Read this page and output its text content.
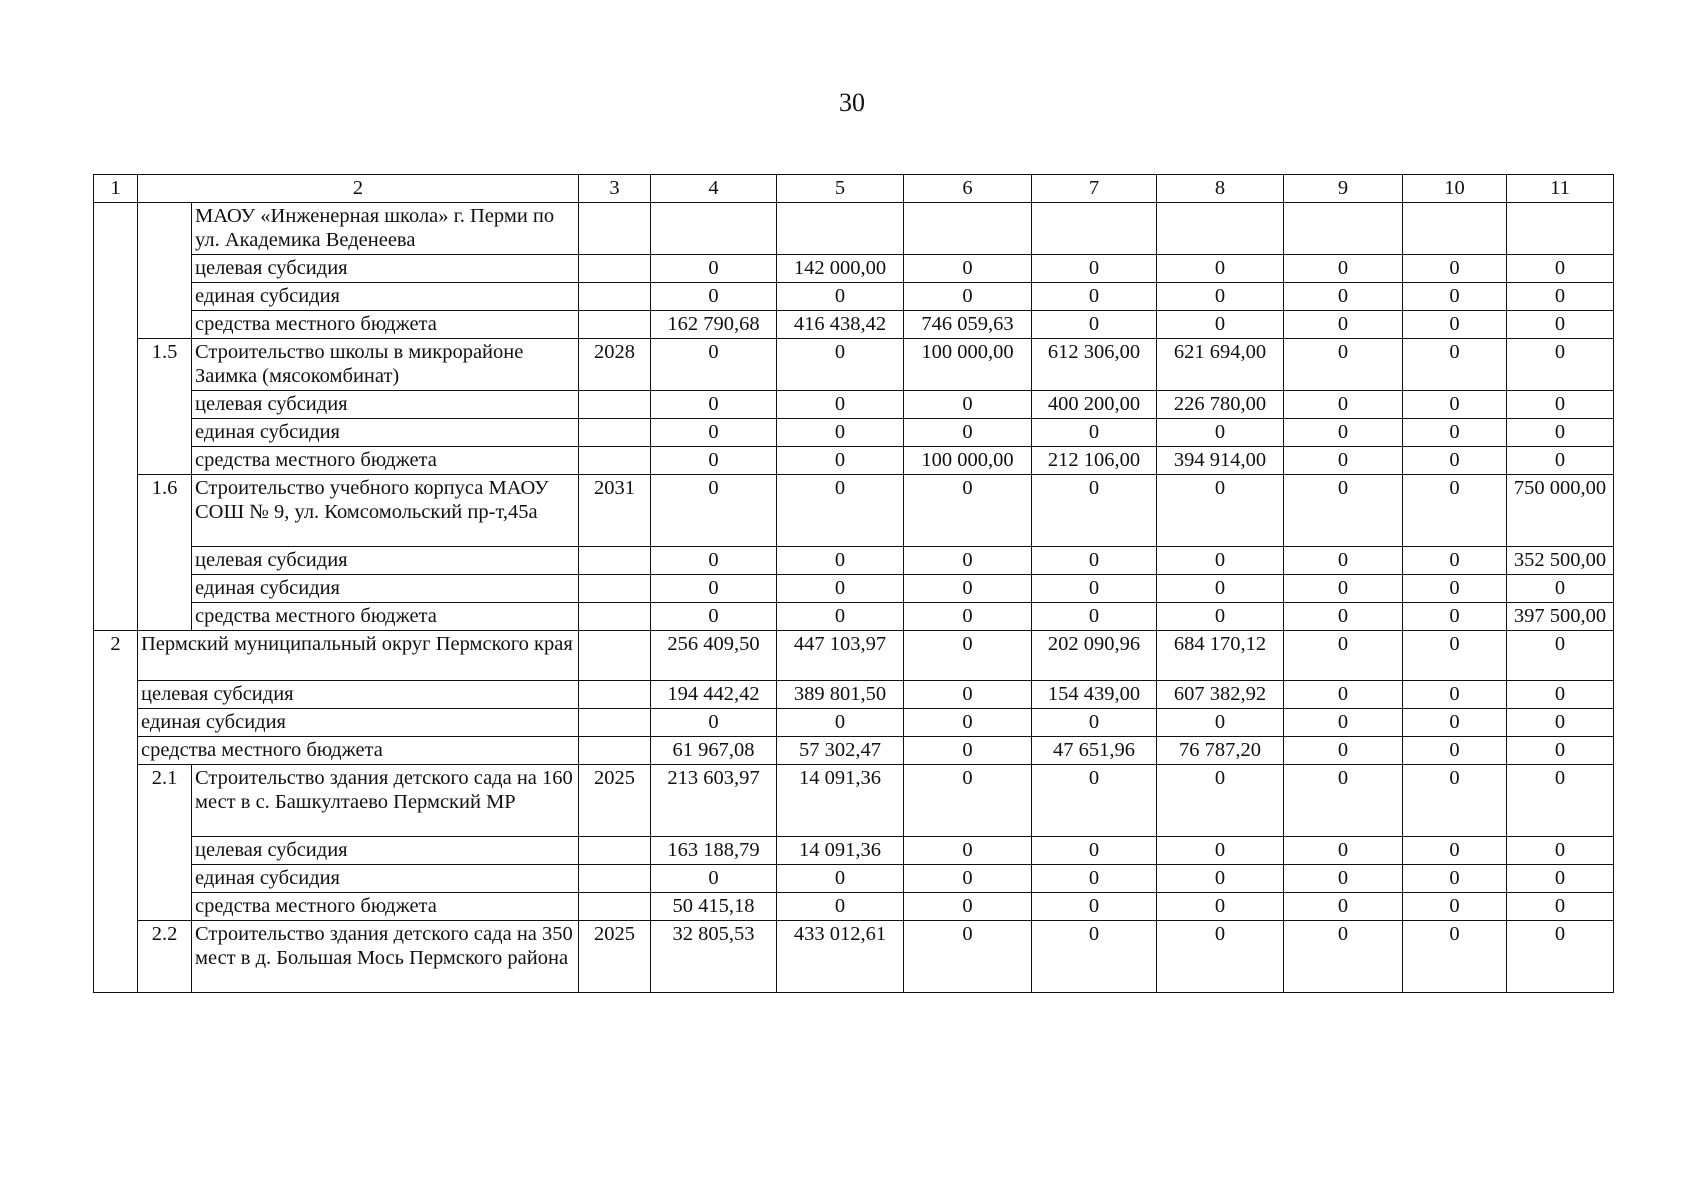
30
1	2		3	4	5	6	7	8	9	10	11
		МАОУ «Инженерная школа» г. Перми по ул. Академика Веденеева									
		целевая субсидия		0	142 000,00	0	0	0	0	0	0
		единая субсидия		0	0	0	0	0	0	0	0
		средства местного бюджета		162 790,68	416 438,42	746 059,63	0	0	0	0	0
	1.5	Строительство школы в микрорайоне Заимка (мясокомбинат)	2028	0	0	100 000,00	612 306,00	621 694,00	0	0	0
		целевая субсидия		0	0	0	400 200,00	226 780,00	0	0	0
		единая субсидия		0	0	0	0	0	0	0	0
		средства местного бюджета		0	0	100 000,00	212 106,00	394 914,00	0	0	0
	1.6	Строительство учебного корпуса МАОУ СОШ № 9, ул. Комсомольский пр-т,45а	2031	0	0	0	0	0	0	0	750 000,00
		целевая субсидия		0	0	0	0	0	0	0	352 500,00
		единая субсидия		0	0	0	0	0	0	0	0
		средства местного бюджета		0	0	0	0	0	0	0	397 500,00
2	Пермский муниципальный округ Пермского края			256 409,50	447 103,97	0	202 090,96	684 170,12	0	0	0
	целевая субсидия			194 442,42	389 801,50	0	154 439,00	607 382,92	0	0	0
	единая субсидия			0	0	0	0	0	0	0	0
	средства местного бюджета			61 967,08	57 302,47	0	47 651,96	76 787,20	0	0	0
	2.1	Строительство здания детского сада на 160 мест в с. Башкултаево Пермский МР	2025	213 603,97	14 091,36	0	0	0	0	0	0
		целевая субсидия		163 188,79	14 091,36	0	0	0	0	0	0
		единая субсидия		0	0	0	0	0	0	0	0
		средства местного бюджета		50 415,18	0	0	0	0	0	0	0
	2.2	Строительство здания детского сада на 350 мест в д. Большая Мось Пермского района	2025	32 805,53	433 012,61	0	0	0	0	0	0
